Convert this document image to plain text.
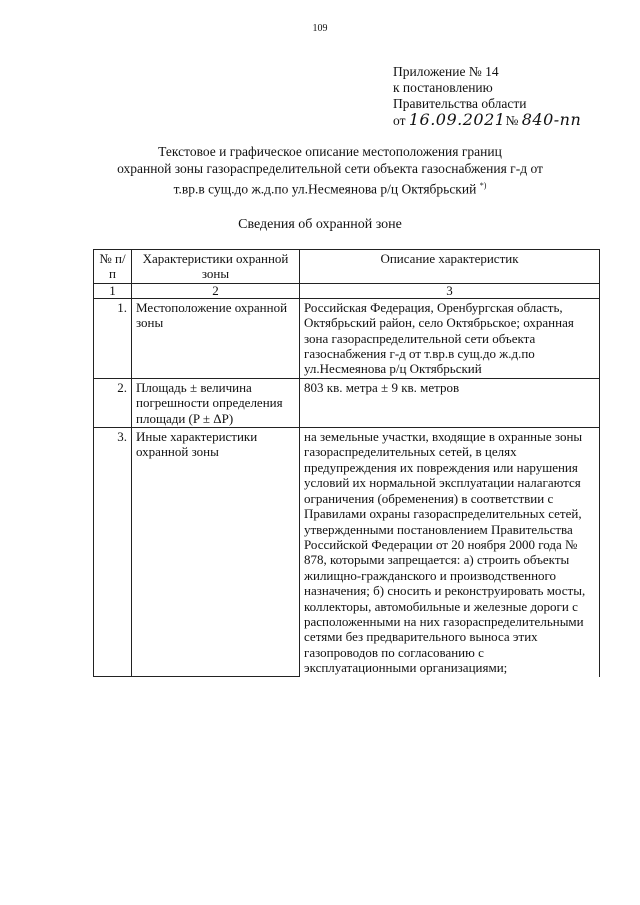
109
Приложение № 14
к постановлению
Правительства области
от 16.09.2021№ 840-пп
Текстовое и графическое описание местоположения границ
охранной зоны газораспределительной сети объекта газоснабжения г-д от
т.вр.в сущ.до ж.д.по ул.Несмеянова р/ц Октябрьский *)
Сведения об охранной зоне
№ п/п	Характеристики охранной зоны	Описание характеристик
1	2	3
1.	Местоположение охранной зоны	Российская Федерация, Оренбургская область, Октябрьский район, село Октябрьское; охранная зона газораспределительной сети объекта газоснабжения г-д от т.вр.в сущ.до ж.д.по ул.Несмеянова р/ц Октябрьский
2.	Площадь ± величина погрешности определения площади (P ± ΔP)	803 кв. метра ± 9 кв. метров
3.	Иные характеристики охранной зоны	на земельные участки, входящие в охранные зоны газораспределительных сетей, в целях предупреждения их повреждения или нарушения условий их нормальной эксплуатации налагаются ограничения (обременения) в соответствии с Правилами охраны газораспределительных сетей, утвержденными постановлением Правительства Российской Федерации от 20 ноября 2000 года № 878, которыми запрещается: а) строить объекты жилищно-гражданского и производственного назначения; б) сносить и реконструировать мосты, коллекторы, автомобильные и железные дороги с расположенными на них газораспределительными сетями без предварительного выноса этих газопроводов по согласованию с эксплуатационными организациями;
